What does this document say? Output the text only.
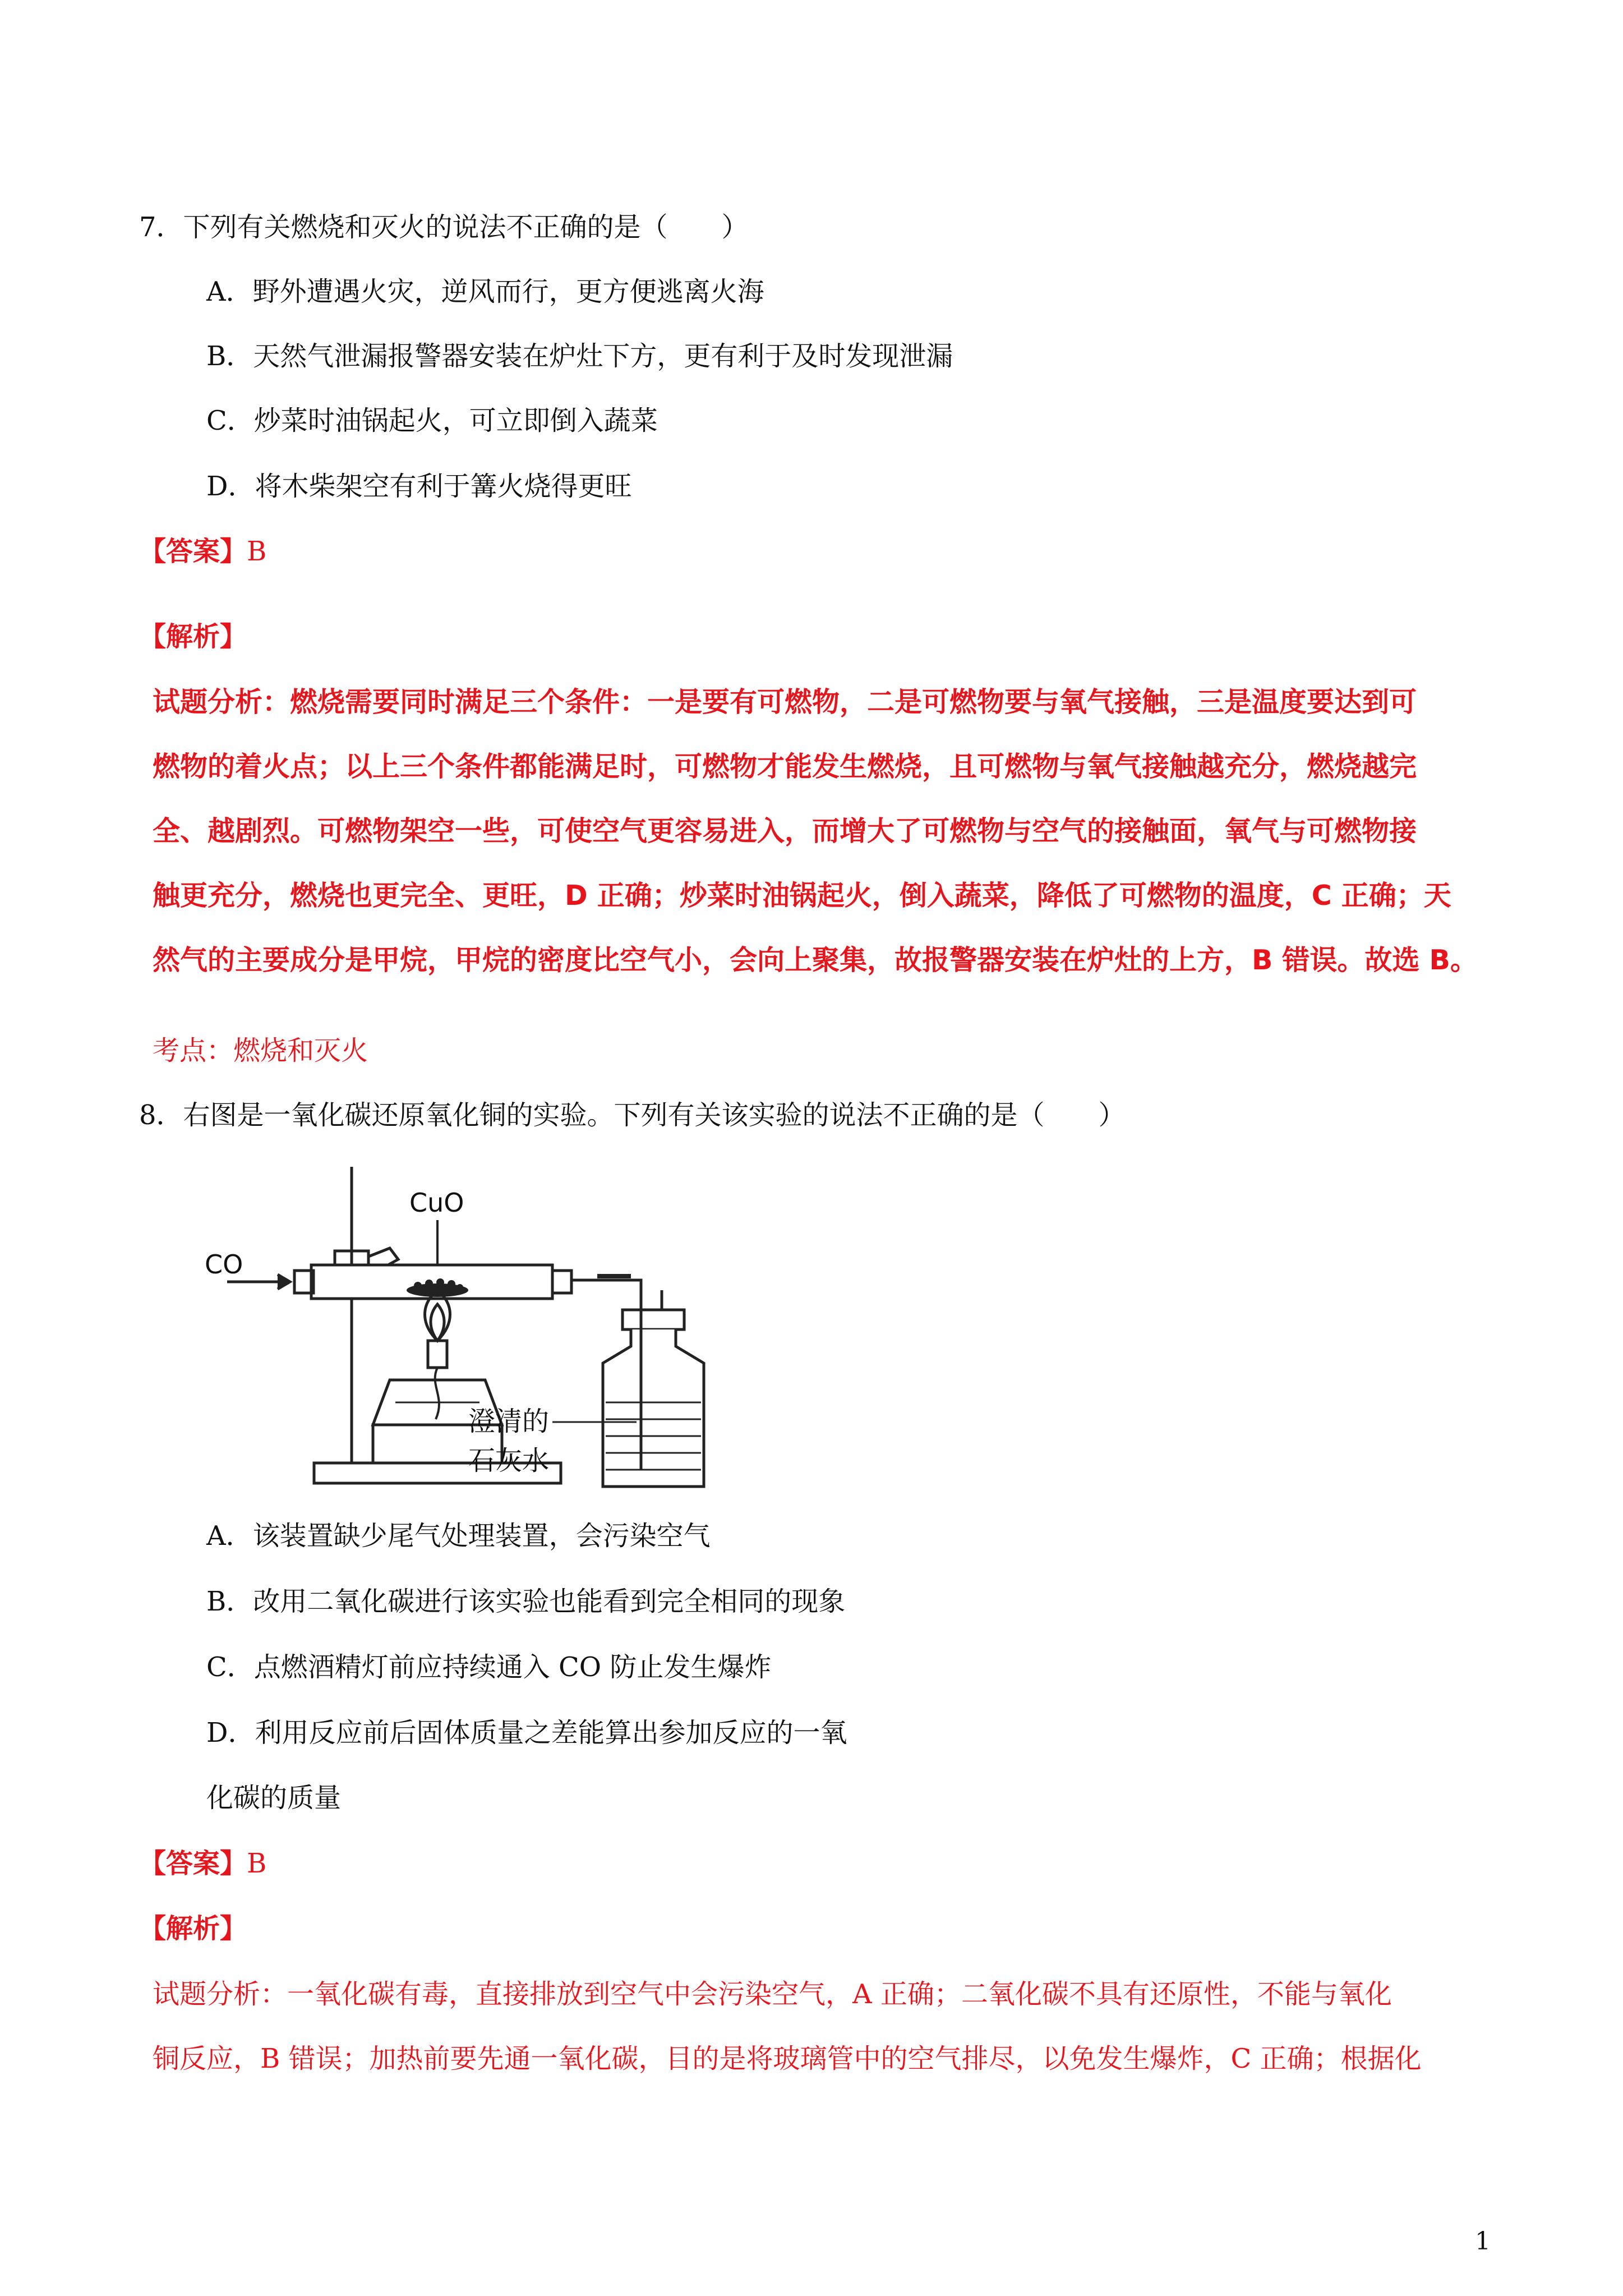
7．下列有关燃烧和灭火的说法不正确的是（　　）
A．野外遭遇火灾，逆风而行，更方便逃离火海
B．天然气泄漏报警器安装在炉灶下方，更有利于及时发现泄漏
C．炒菜时油锅起火，可立即倒入蔬菜
D．将木柴架空有利于篝火烧得更旺
【答案】B
【解析】
试题分析：燃烧需要同时满足三个条件：一是要有可燃物，二是可燃物要与氧气接触，三是温度要达到可
燃物的着火点；以上三个条件都能满足时，可燃物才能发生燃烧，且可燃物与氧气接触越充分，燃烧越完
全、越剧烈。可燃物架空一些，可使空气更容易进入，而增大了可燃物与空气的接触面，氧气与可燃物接
触更充分，燃烧也更完全、更旺，D 正确；炒菜时油锅起火，倒入蔬菜，降低了可燃物的温度，C 正确；天
然气的主要成分是甲烷，甲烷的密度比空气小，会向上聚集，故报警器安装在炉灶的上方，B 错误。故选 B。
考点：燃烧和灭火
8．右图是一氧化碳还原氧化铜的实验。下列有关该实验的说法不正确的是（　　）
CO
CuO
澄清的
石灰水
A．该装置缺少尾气处理装置，会污染空气
B．改用二氧化碳进行该实验也能看到完全相同的现象
C．点燃酒精灯前应持续通入 CO 防止发生爆炸
D．利用反应前后固体质量之差能算出参加反应的一氧
化碳的质量
【答案】B
【解析】
试题分析：一氧化碳有毒，直接排放到空气中会污染空气，A 正确；二氧化碳不具有还原性，不能与氧化
铜反应，B 错误；加热前要先通一氧化碳，目的是将玻璃管中的空气排尽，以免发生爆炸，C 正确；根据化
1
